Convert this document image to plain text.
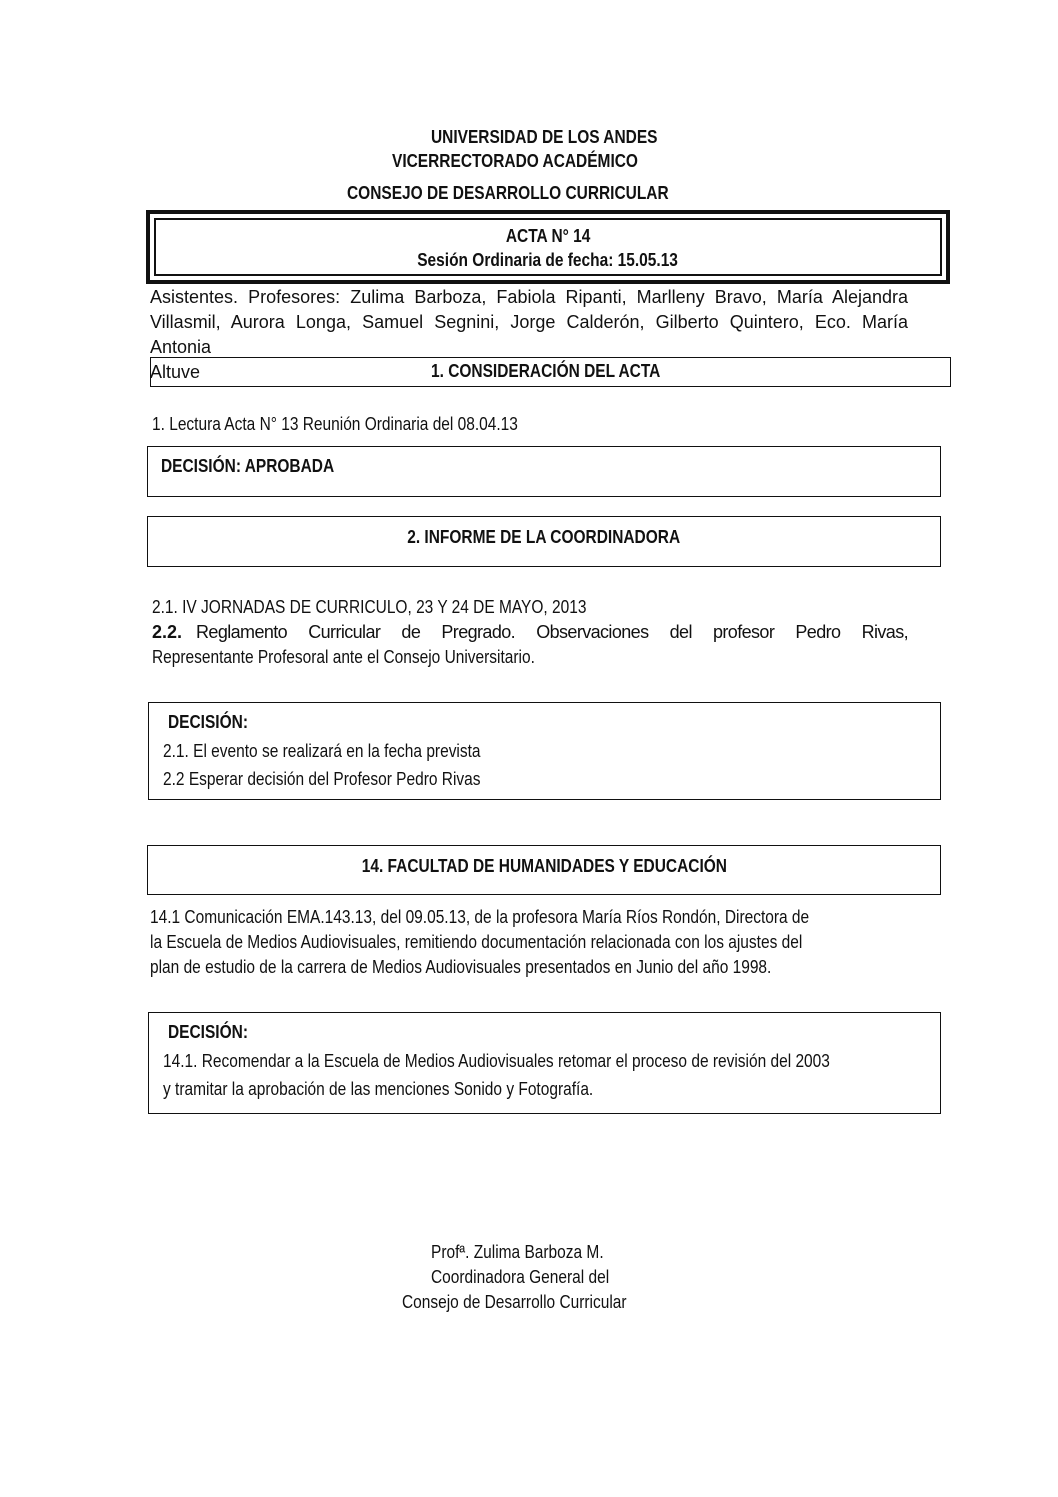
UNIVERSIDAD DE LOS ANDES
VICERRECTORADO ACADÉMICO
CONSEJO DE DESARROLLO CURRICULAR
ACTA N° 14
Sesión Ordinaria de fecha: 15.05.13
Asistentes. Profesores: Zulima Barboza, Fabiola Ripanti, Marlleny Bravo, María Alejandra
Villasmil, Aurora Longa, Samuel Segnini, Jorge Calderón, Gilberto Quintero, Eco. María Antonia
Altuve	1. CONSIDERACIÓN DEL ACTA
1. Lectura Acta N° 13 Reunión Ordinaria del 08.04.13
DECISIÓN: APROBADA
2. INFORME DE LA COORDINADORA
2.1. IV JORNADAS DE CURRICULO, 23 Y 24 DE MAYO, 2013
2.2. Reglamento Curricular de Pregrado. Observaciones del profesor Pedro Rivas,
Representante Profesoral ante el Consejo Universitario.
DECISIÓN:
2.1. El evento se realizará en la fecha prevista
2.2 Esperar decisión del Profesor Pedro Rivas
14. FACULTAD DE HUMANIDADES Y EDUCACIÓN
14.1 Comunicación EMA.143.13, del 09.05.13, de la profesora María Ríos Rondón, Directora de
la Escuela de Medios Audiovisuales, remitiendo documentación relacionada con los ajustes del
plan de estudio de la carrera de Medios Audiovisuales presentados en Junio del año 1998.
DECISIÓN:
14.1. Recomendar a la Escuela de Medios Audiovisuales retomar el proceso de revisión del 2003
y tramitar la aprobación de las menciones Sonido y Fotografía.
Profª. Zulima Barboza M.
Coordinadora General del
Consejo de Desarrollo Curricular
